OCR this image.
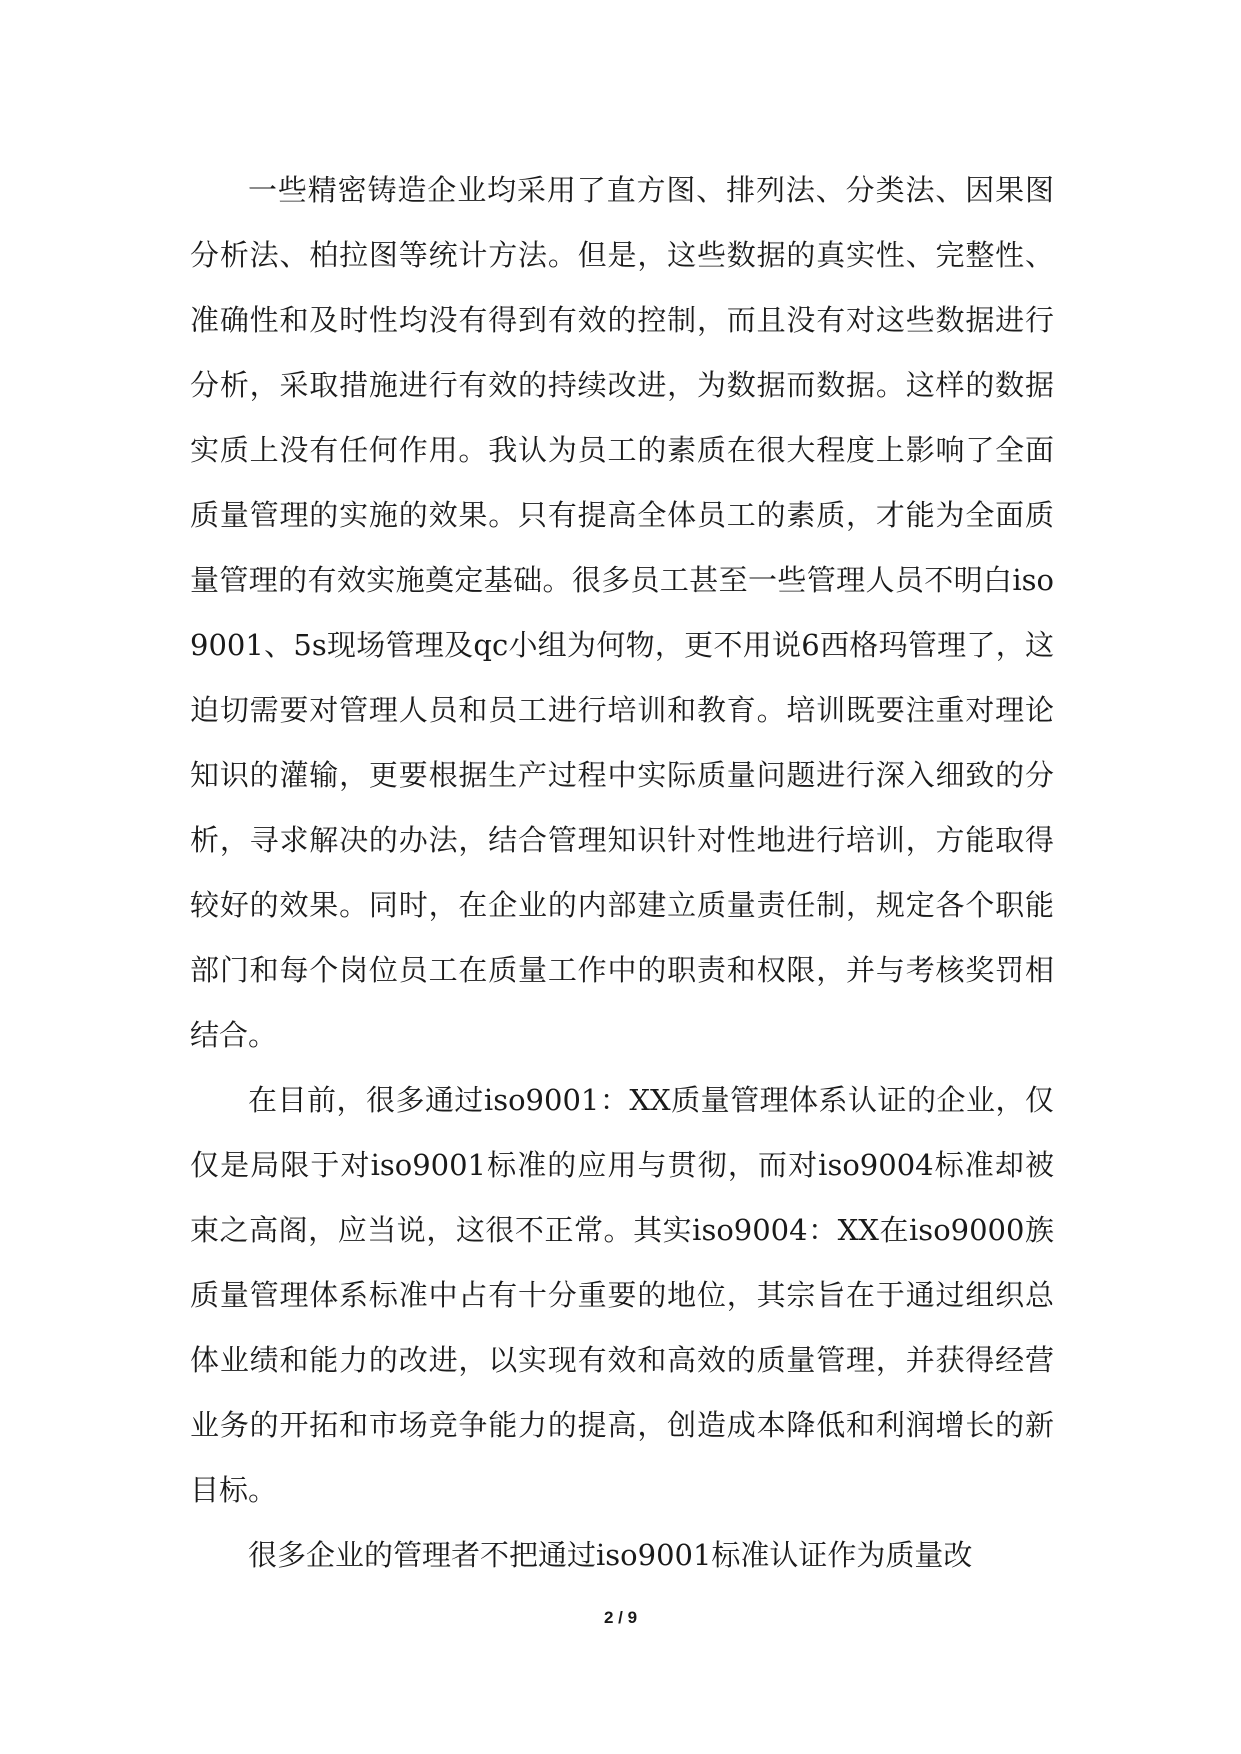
一些精密铸造企业均采用了直方图、排列法、分类法、因果图分析法、柏拉图等统计方法。但是，这些数据的真实性、完整性、准确性和及时性均没有得到有效的控制，而且没有对这些数据进行分析，采取措施进行有效的持续改进，为数据而数据。这样的数据实质上没有任何作用。我认为员工的素质在很大程度上影响了全面质量管理的实施的效果。只有提高全体员工的素质，才能为全面质量管理的有效实施奠定基础。很多员工甚至一些管理人员不明白iso9001、5s现场管理及qc小组为何物，更不用说6西格玛管理了，这迫切需要对管理人员和员工进行培训和教育。培训既要注重对理论知识的灌输，更要根据生产过程中实际质量问题进行深入细致的分析，寻求解决的办法，结合管理知识针对性地进行培训，方能取得较好的效果。同时，在企业的内部建立质量责任制，规定各个职能部门和每个岗位员工在质量工作中的职责和权限，并与考核奖罚相结合。

在目前，很多通过iso9001：XX质量管理体系认证的企业，仅仅是局限于对iso9001标准的应用与贯彻，而对iso9004标准却被束之高阁，应当说，这很不正常。其实iso9004：XX在iso9000族质量管理体系标准中占有十分重要的地位，其宗旨在于通过组织总体业绩和能力的改进，以实现有效和高效的质量管理，并获得经营业务的开拓和市场竞争能力的提高，创造成本降低和利润增长的新目标。

很多企业的管理者不把通过iso9001标准认证作为质量改

2 / 9
